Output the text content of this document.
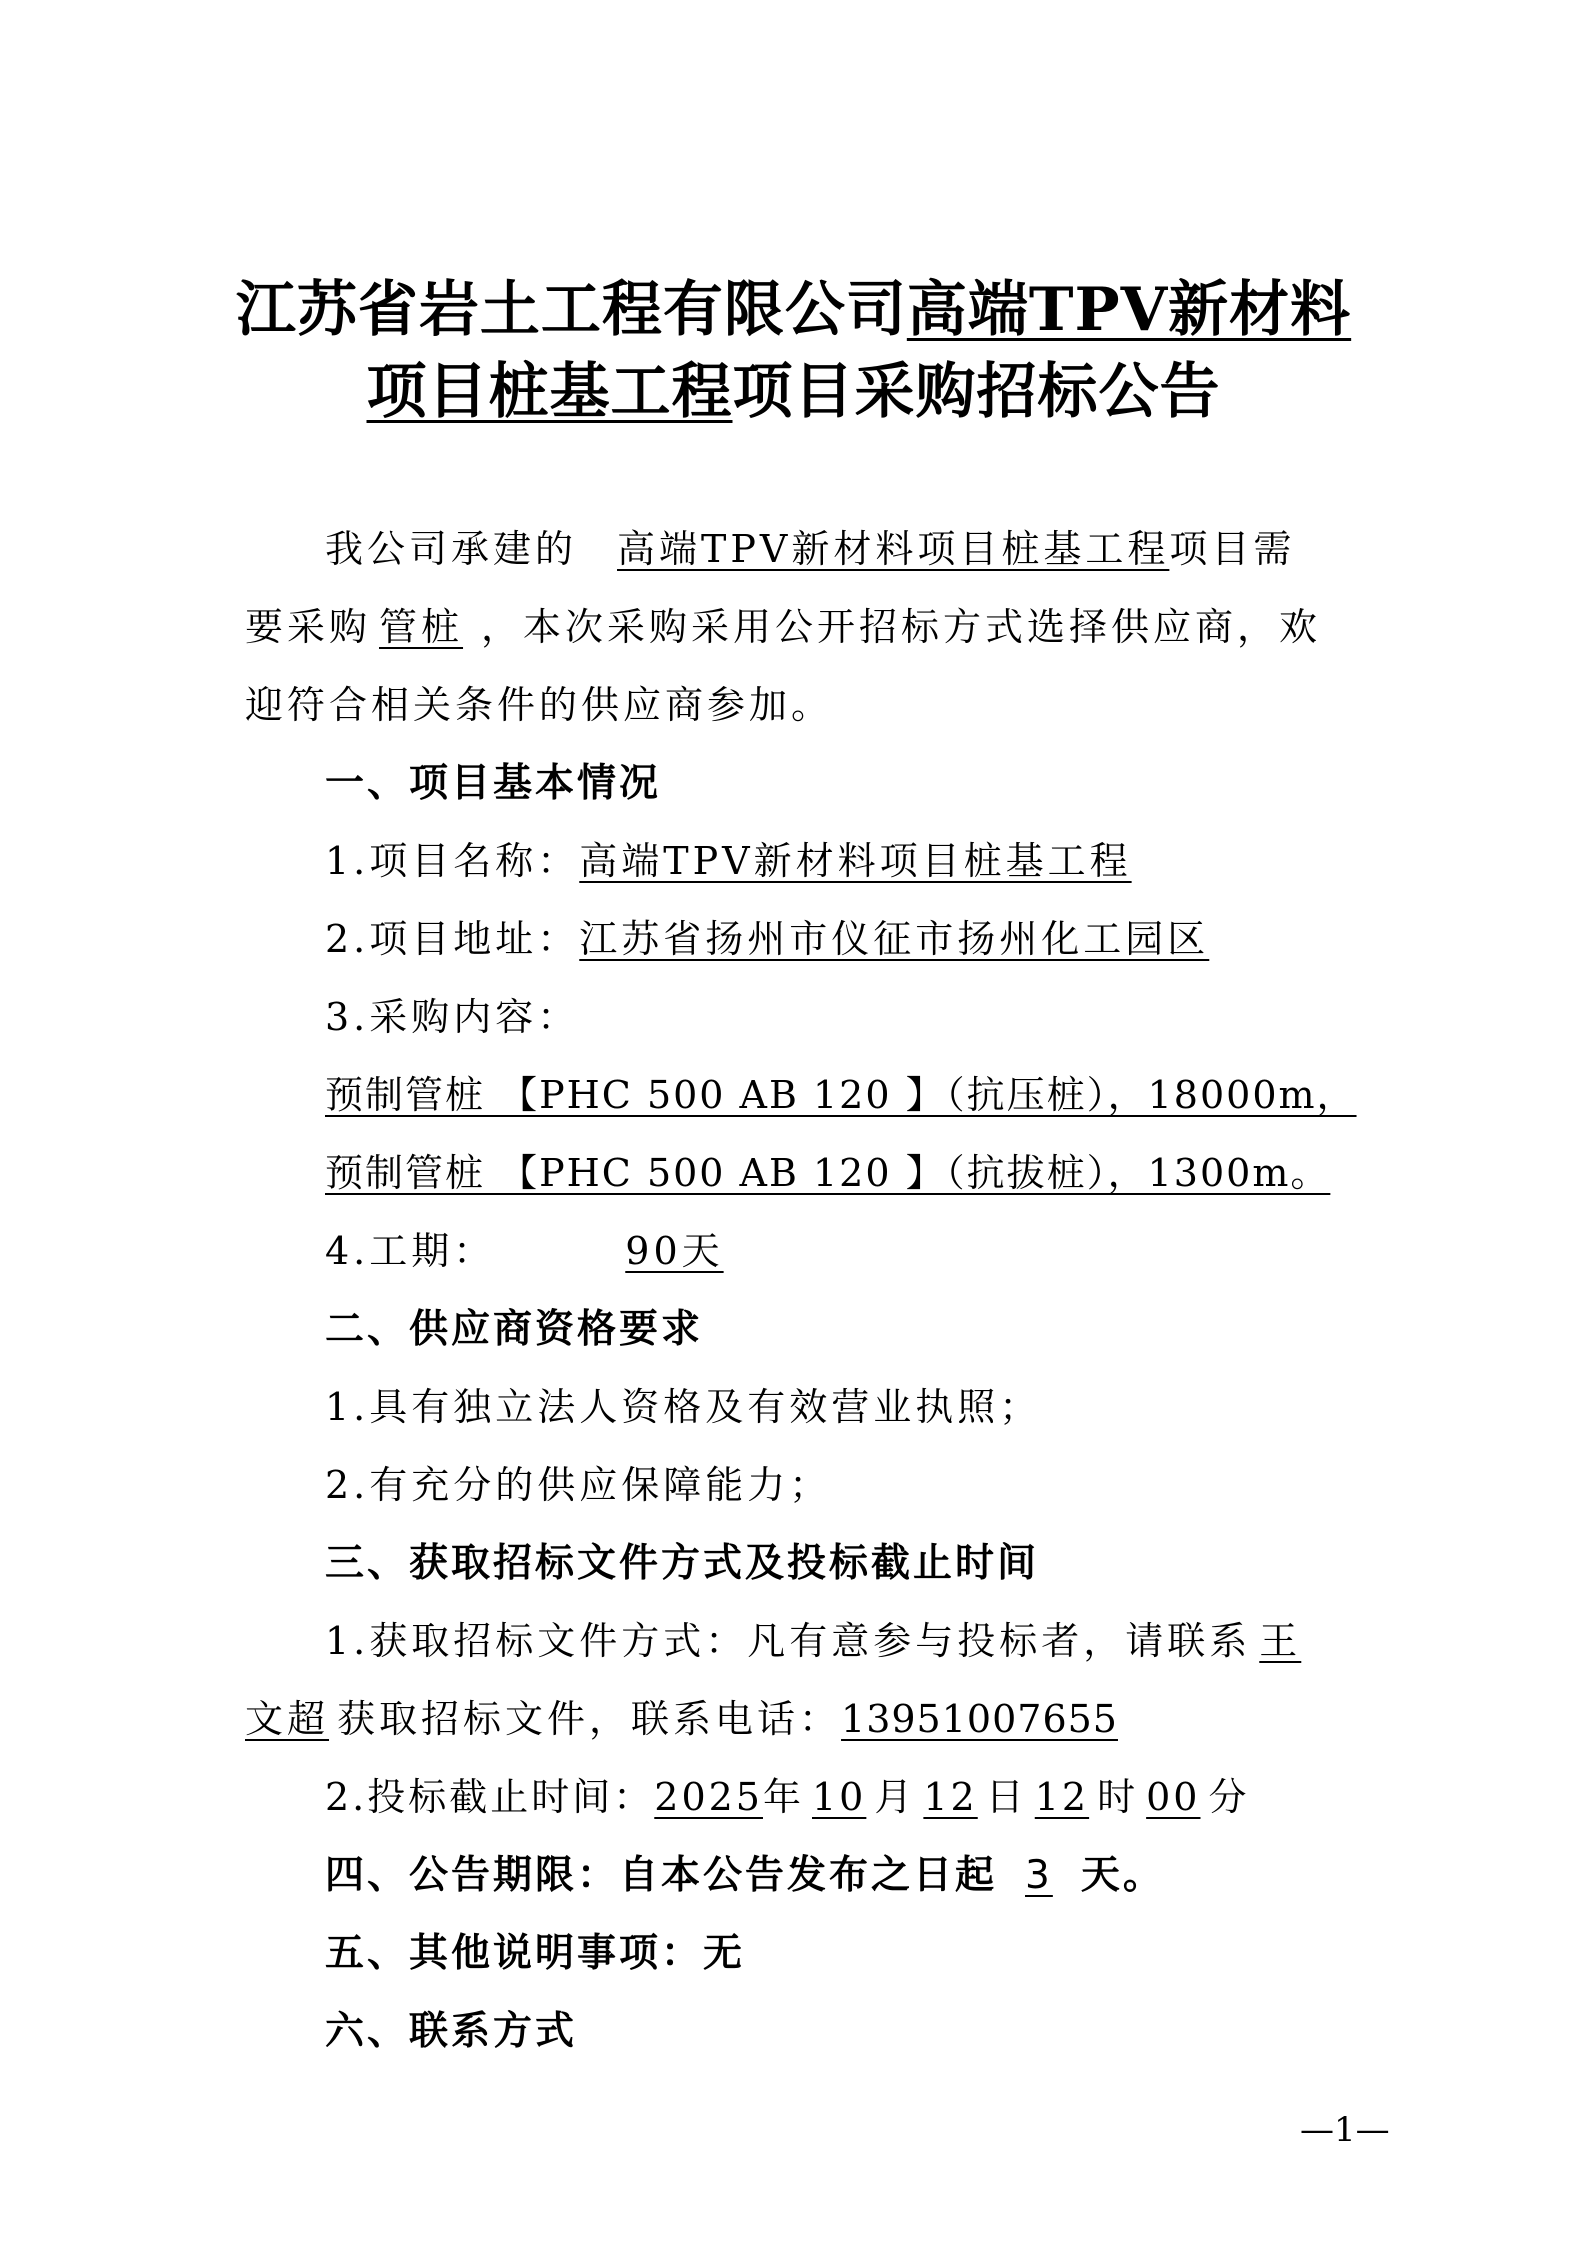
江苏省岩土工程有限公司高端TPV新材料
项目桩基工程项目采购招标公告
我公司承建的 高端TPV新材料项目桩基工程项目需
要采购 管桩 ，本次采购采用公开招标方式选择供应商，欢
迎符合相关条件的供应商参加。
一、项目基本情况
1.项目名称：高端TPV新材料项目桩基工程
2.项目地址：江苏省扬州市仪征市扬州化工园区
3.采购内容：
预制管桩 【PHC 500 AB 120 】（抗压桩），18000m，
预制管桩 【PHC 500 AB 120 】（抗拔桩），1300m。
4.工期：	90天
二、供应商资格要求
1.具有独立法人资格及有效营业执照；
2.有充分的供应保障能力；
三、获取招标文件方式及投标截止时间
1.获取招标文件方式：凡有意参与投标者，请联系 王
文超 获取招标文件，联系电话：13951007655
2.投标截止时间：2025年 10 月 12 日 12 时 00 分
四、公告期限：自本公告发布之日起 3 天。
五、其他说明事项：无
六、联系方式
—1—
